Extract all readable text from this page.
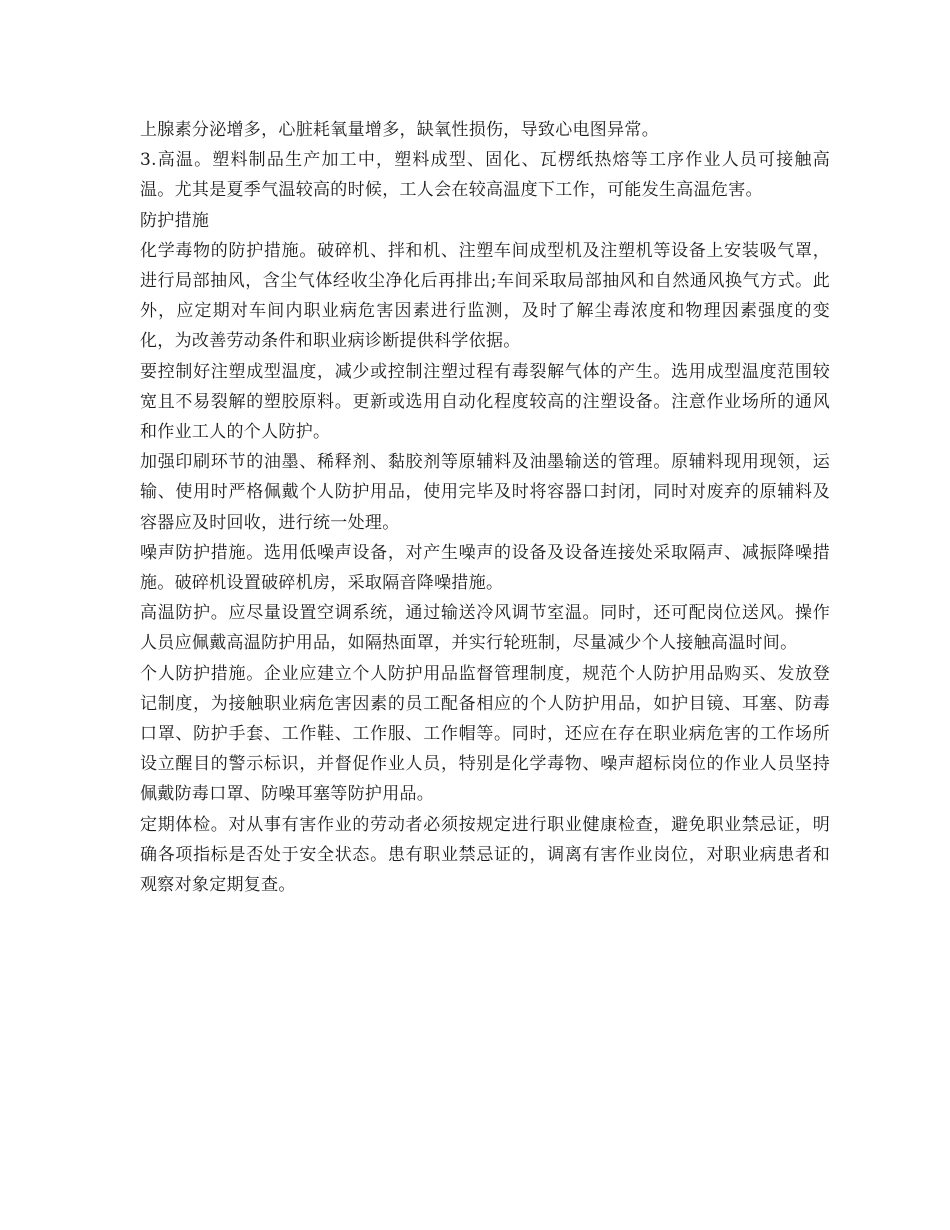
上腺素分泌增多，心脏耗氧量增多，缺氧性损伤，导致心电图异常。

3.高温。塑料制品生产加工中，塑料成型、固化、瓦楞纸热熔等工序作业人员可接触高温。尤其是夏季气温较高的时候，工人会在较高温度下工作，可能发生高温危害。

防护措施

化学毒物的防护措施。破碎机、拌和机、注塑车间成型机及注塑机等设备上安装吸气罩，进行局部抽风，含尘气体经收尘净化后再排出;车间采取局部抽风和自然通风换气方式。此外，应定期对车间内职业病危害因素进行监测，及时了解尘毒浓度和物理因素强度的变化，为改善劳动条件和职业病诊断提供科学依据。

要控制好注塑成型温度，减少或控制注塑过程有毒裂解气体的产生。选用成型温度范围较宽且不易裂解的塑胶原料。更新或选用自动化程度较高的注塑设备。注意作业场所的通风和作业工人的个人防护。

加强印刷环节的油墨、稀释剂、黏胶剂等原辅料及油墨输送的管理。原辅料现用现领，运输、使用时严格佩戴个人防护用品，使用完毕及时将容器口封闭，同时对废弃的原辅料及容器应及时回收，进行统一处理。

噪声防护措施。选用低噪声设备，对产生噪声的设备及设备连接处采取隔声、减振降噪措施。破碎机设置破碎机房，采取隔音降噪措施。

高温防护。应尽量设置空调系统，通过输送冷风调节室温。同时，还可配岗位送风。操作人员应佩戴高温防护用品，如隔热面罩，并实行轮班制，尽量减少个人接触高温时间。

个人防护措施。企业应建立个人防护用品监督管理制度，规范个人防护用品购买、发放登记制度，为接触职业病危害因素的员工配备相应的个人防护用品，如护目镜、耳塞、防毒口罩、防护手套、工作鞋、工作服、工作帽等。同时，还应在存在职业病危害的工作场所设立醒目的警示标识，并督促作业人员，特别是化学毒物、噪声超标岗位的作业人员坚持佩戴防毒口罩、防噪耳塞等防护用品。

定期体检。对从事有害作业的劳动者必须按规定进行职业健康检查，避免职业禁忌证，明确各项指标是否处于安全状态。患有职业禁忌证的，调离有害作业岗位，对职业病患者和观察对象定期复查。
